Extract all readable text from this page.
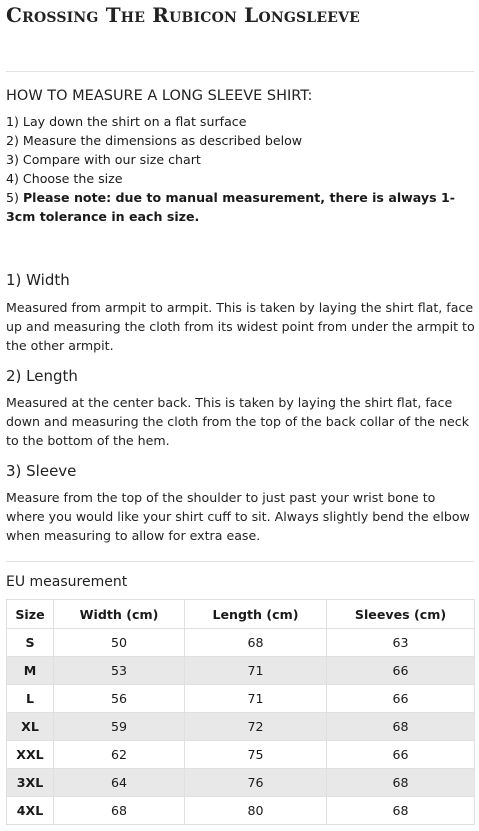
Crossing The Rubicon Longsleeve
HOW TO MEASURE A LONG SLEEVE SHIRT:
1) Lay down the shirt on a flat surface
2) Measure the dimensions as described below
3) Compare with our size chart
4) Choose the size
5) Please note: due to manual measurement, there is always 1-3cm tolerance in each size.
1) Width

Measured from armpit to armpit. This is taken by laying the shirt flat, face up and measuring the cloth from its widest point from under the armpit to the other armpit.

2) Length

Measured at the center back. This is taken by laying the shirt flat, face down and measuring the cloth from the top of the back collar of the neck to the bottom of the hem.

3) Sleeve

Measure from the top of the shoulder to just past your wrist bone to where you would like your shirt cuff to sit. Always slightly bend the elbow when measuring to allow for extra ease.

EU measurement
Size	Width (cm)	Length (cm)	Sleeves (cm)
S	50	68	63
M	53	71	66
L	56	71	66
XL	59	72	68
XXL	62	75	66
3XL	64	76	68
4XL	68	80	68
